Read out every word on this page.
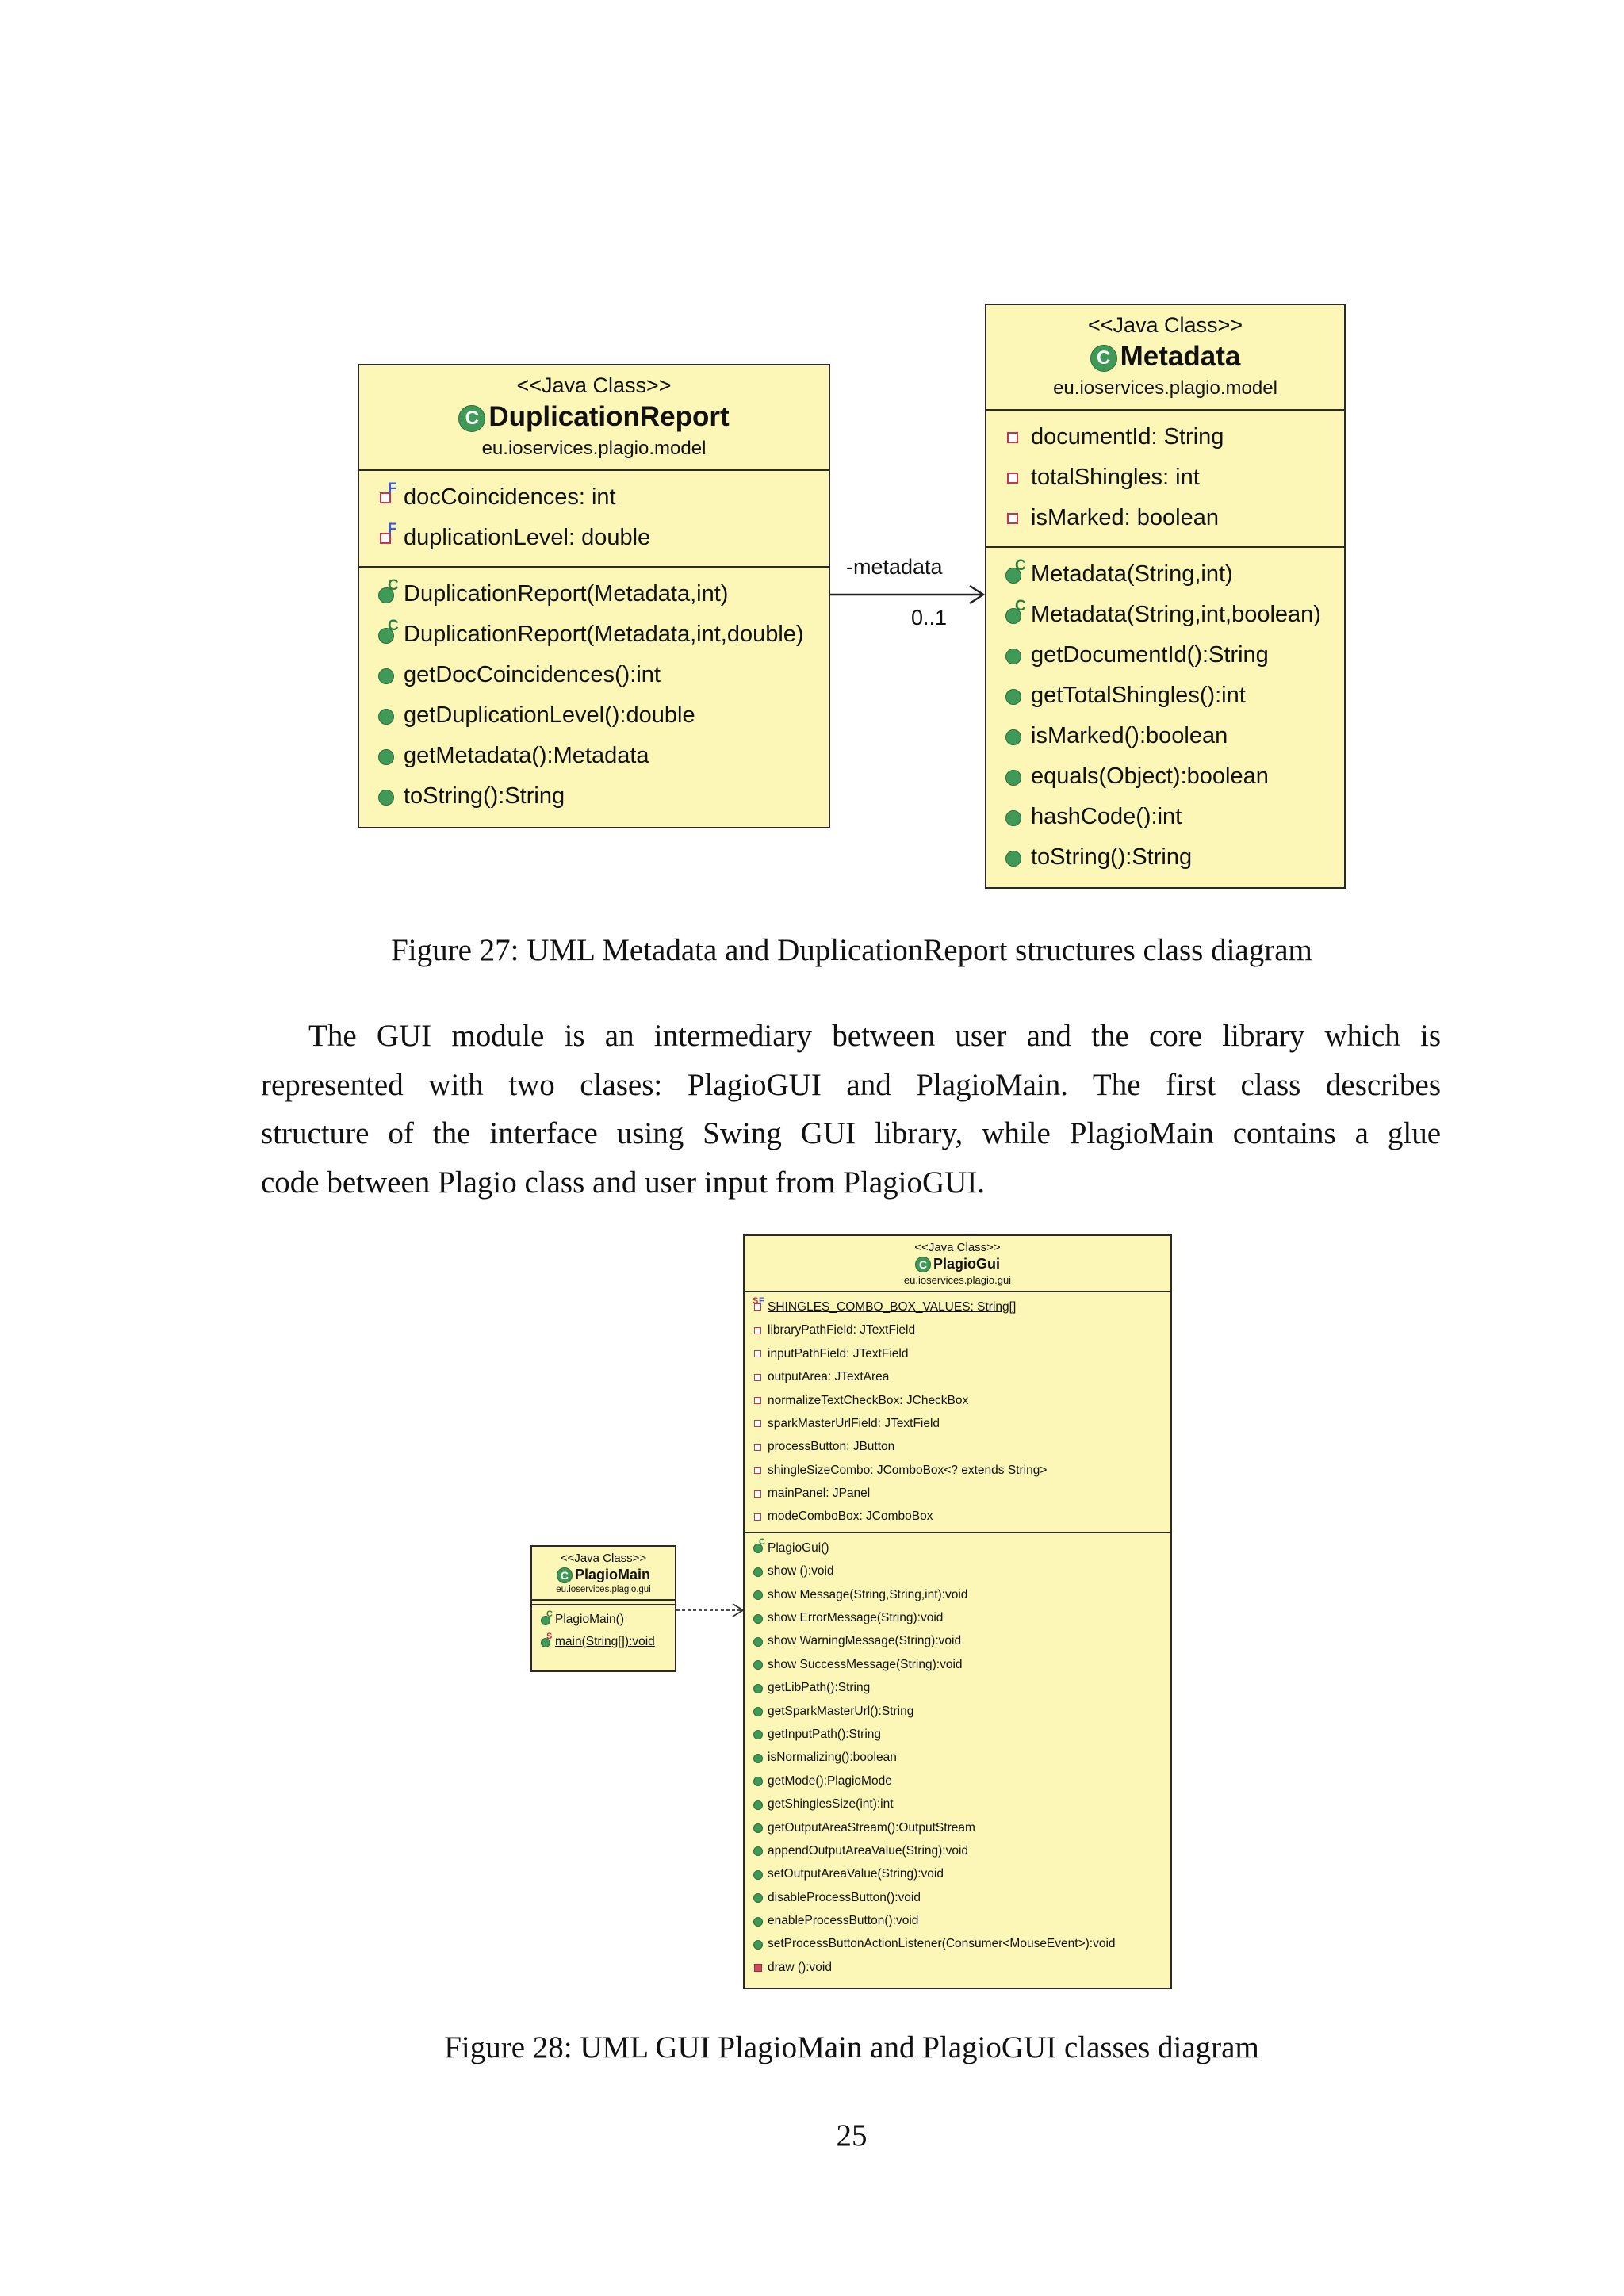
<<Java Class>>
C DuplicationReport
eu.ioservices.plagio.model
F docCoincidences: int
F duplicationLevel: double
C DuplicationReport(Metadata,int)
C DuplicationReport(Metadata,int,double)
getDocCoincidences():int
getDuplicationLevel():double
getMetadata():Metadata
toString():String
<<Java Class>>
C Metadata
eu.ioservices.plagio.model
documentId: String
totalShingles: int
isMarked: boolean
C Metadata(String,int)
C Metadata(String,int,boolean)
getDocumentId():String
getTotalShingles():int
isMarked():boolean
equals(Object):boolean
hashCode():int
toString():String
-metadata
0..1
Figure 27: UML Metadata and DuplicationReport structures class diagram
The GUI module is an intermediary between user and the core library which is
represented with two clases: PlagioGUI and PlagioMain. The first class describes
structure of the interface using Swing GUI library, while PlagioMain contains a glue
code between Plagio class and user input from PlagioGUI.
<<Java Class>>
C PlagioMain
eu.ioservices.plagio.gui
C PlagioMain()
S main(String[]):void
<<Java Class>>
C PlagioGui
eu.ioservices.plagio.gui
S F SHINGLES_COMBO_BOX_VALUES: String[]
libraryPathField: JTextField
inputPathField: JTextField
outputArea: JTextArea
normalizeTextCheckBox: JCheckBox
sparkMasterUrlField: JTextField
processButton: JButton
shingleSizeCombo: JComboBox<? extends String>
mainPanel: JPanel
modeComboBox: JComboBox
C PlagioGui()
show ():void
show Message(String,String,int):void
show ErrorMessage(String):void
show WarningMessage(String):void
show SuccessMessage(String):void
getLibPath():String
getSparkMasterUrl():String
getInputPath():String
isNormalizing():boolean
getMode():PlagioMode
getShinglesSize(int):int
getOutputAreaStream():OutputStream
appendOutputAreaValue(String):void
setOutputAreaValue(String):void
disableProcessButton():void
enableProcessButton():void
setProcessButtonActionListener(Consumer<MouseEvent>):void
draw ():void
Figure 28: UML GUI PlagioMain and PlagioGUI classes diagram
25
